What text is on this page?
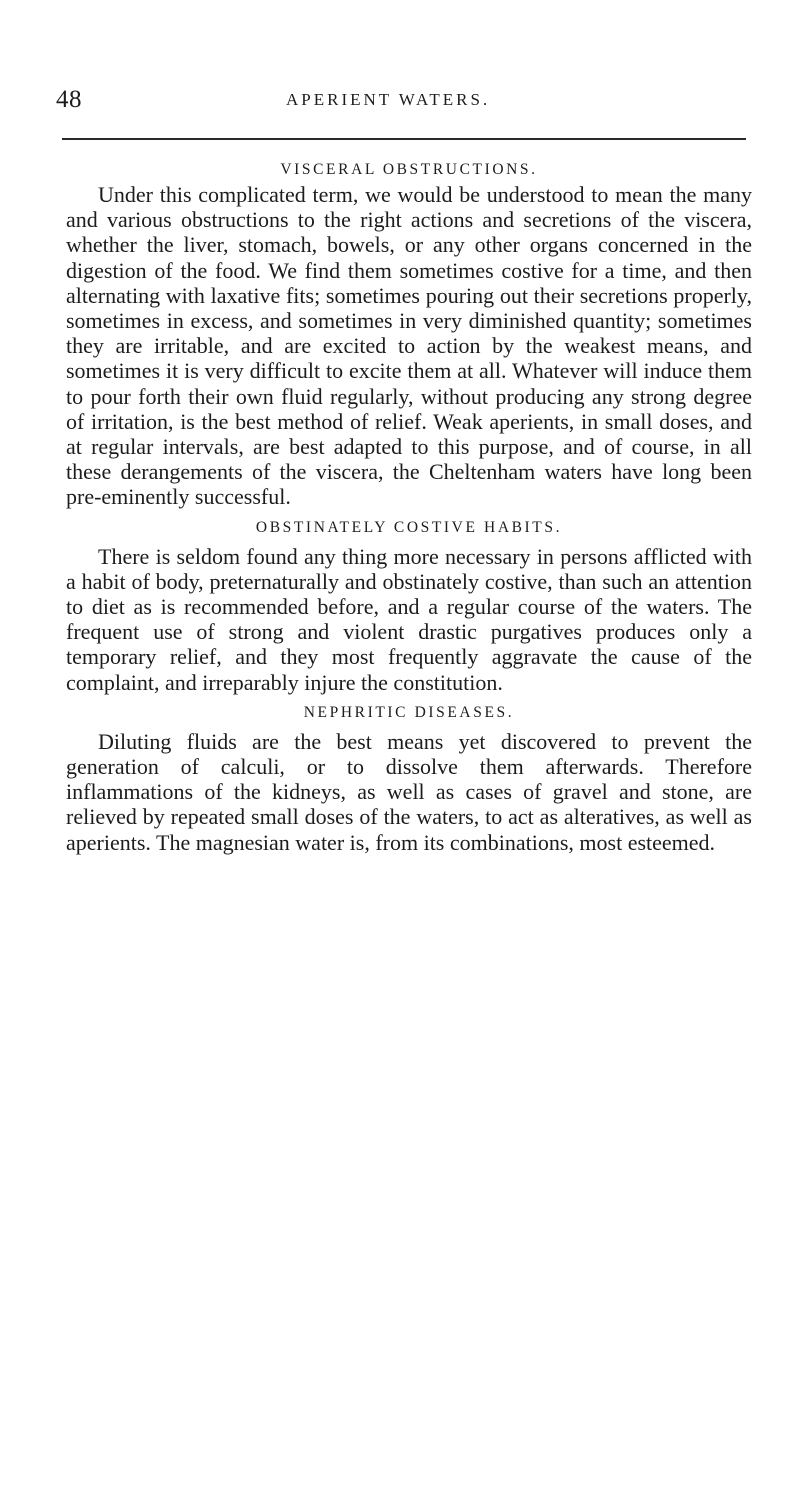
48	APERIENT WATERS.
VISCERAL OBSTRUCTIONS.

Under this complicated term, we would be understood to mean the many and various obstructions to the right actions and secretions of the viscera, whether the liver, stomach, bowels, or any other organs concerned in the digestion of the food. We find them sometimes costive for a time, and then alternating with laxative fits; sometimes pouring out their secretions properly, sometimes in excess, and sometimes in very diminished quantity; sometimes they are irritable, and are excited to action by the weakest means, and sometimes it is very difficult to excite them at all. Whatever will induce them to pour forth their own fluid regularly, without producing any strong degree of irritation, is the best method of relief. Weak aperients, in small doses, and at regular intervals, are best adapted to this purpose, and of course, in all these derangements of the viscera, the Cheltenham waters have long been pre-eminently successful.

OBSTINATELY COSTIVE HABITS.

There is seldom found any thing more necessary in persons afflicted with a habit of body, preternaturally and obstinately costive, than such an attention to diet as is recommended before, and a regular course of the waters. The frequent use of strong and violent drastic purgatives produces only a temporary relief, and they most frequently aggravate the cause of the complaint, and irreparably injure the constitution.

NEPHRITIC DISEASES.

Diluting fluids are the best means yet discovered to prevent the generation of calculi, or to dissolve them afterwards. Therefore inflammations of the kidneys, as well as cases of gravel and stone, are relieved by repeated small doses of the waters, to act as alteratives, as well as aperients. The magnesian water is, from its combinations, most esteemed.
